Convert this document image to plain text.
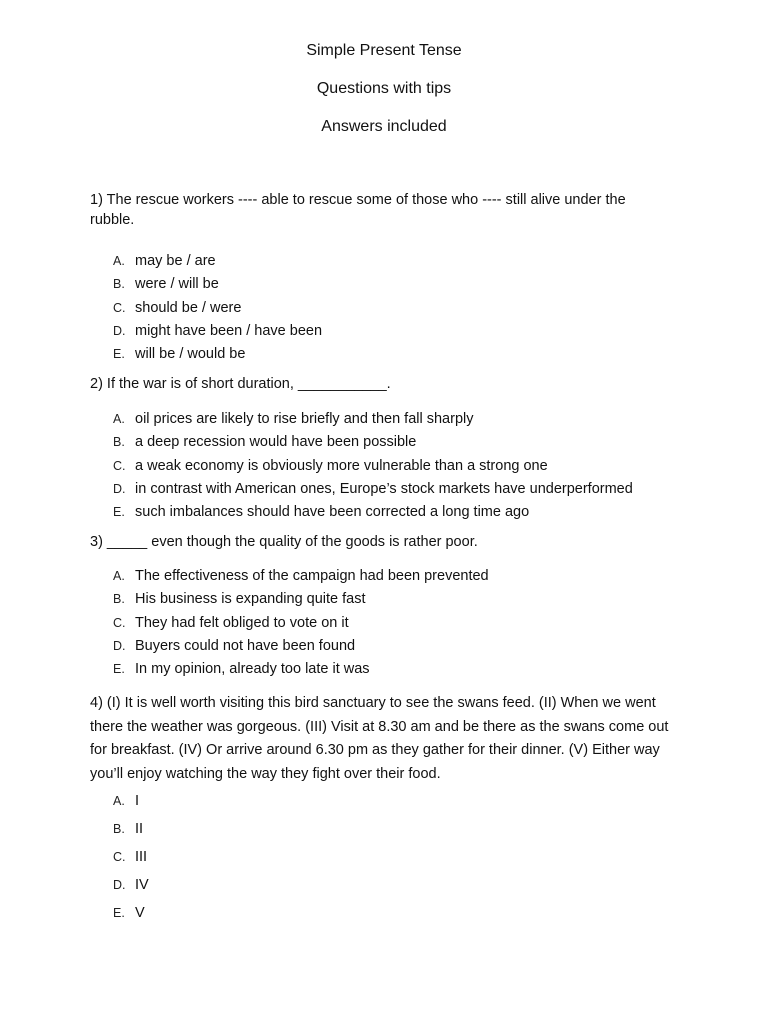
Simple Present Tense
Questions with tips
Answers included
1) The rescue workers ---- able to rescue some of those who ---- still alive under the rubble.
A. may be / are
B. were / will be
C. should be / were
D. might have been / have been
E. will be / would be
2) If the war is of short duration, ___________.
A. oil prices are likely to rise briefly and then fall sharply
B. a deep recession would have been possible
C. a weak economy is obviously more vulnerable than a strong one
D. in contrast with American ones, Europe’s stock markets have underperformed
E. such imbalances should have been corrected a long time ago
3) _____ even though the quality of the goods is rather poor.
A. The effectiveness of the campaign had been prevented
B. His business is expanding quite fast
C. They had felt obliged to vote on it
D. Buyers could not have been found
E. In my opinion, already too late it was
4) (I) It is well worth visiting this bird sanctuary to see the swans feed. (II) When we went there the weather was gorgeous. (III) Visit at 8.30 am and be there as the swans come out for breakfast. (IV) Or arrive around 6.30 pm as they gather for their dinner. (V) Either way you’ll enjoy watching the way they fight over their food.
A. I
B. II
C. III
D. IV
E. V
